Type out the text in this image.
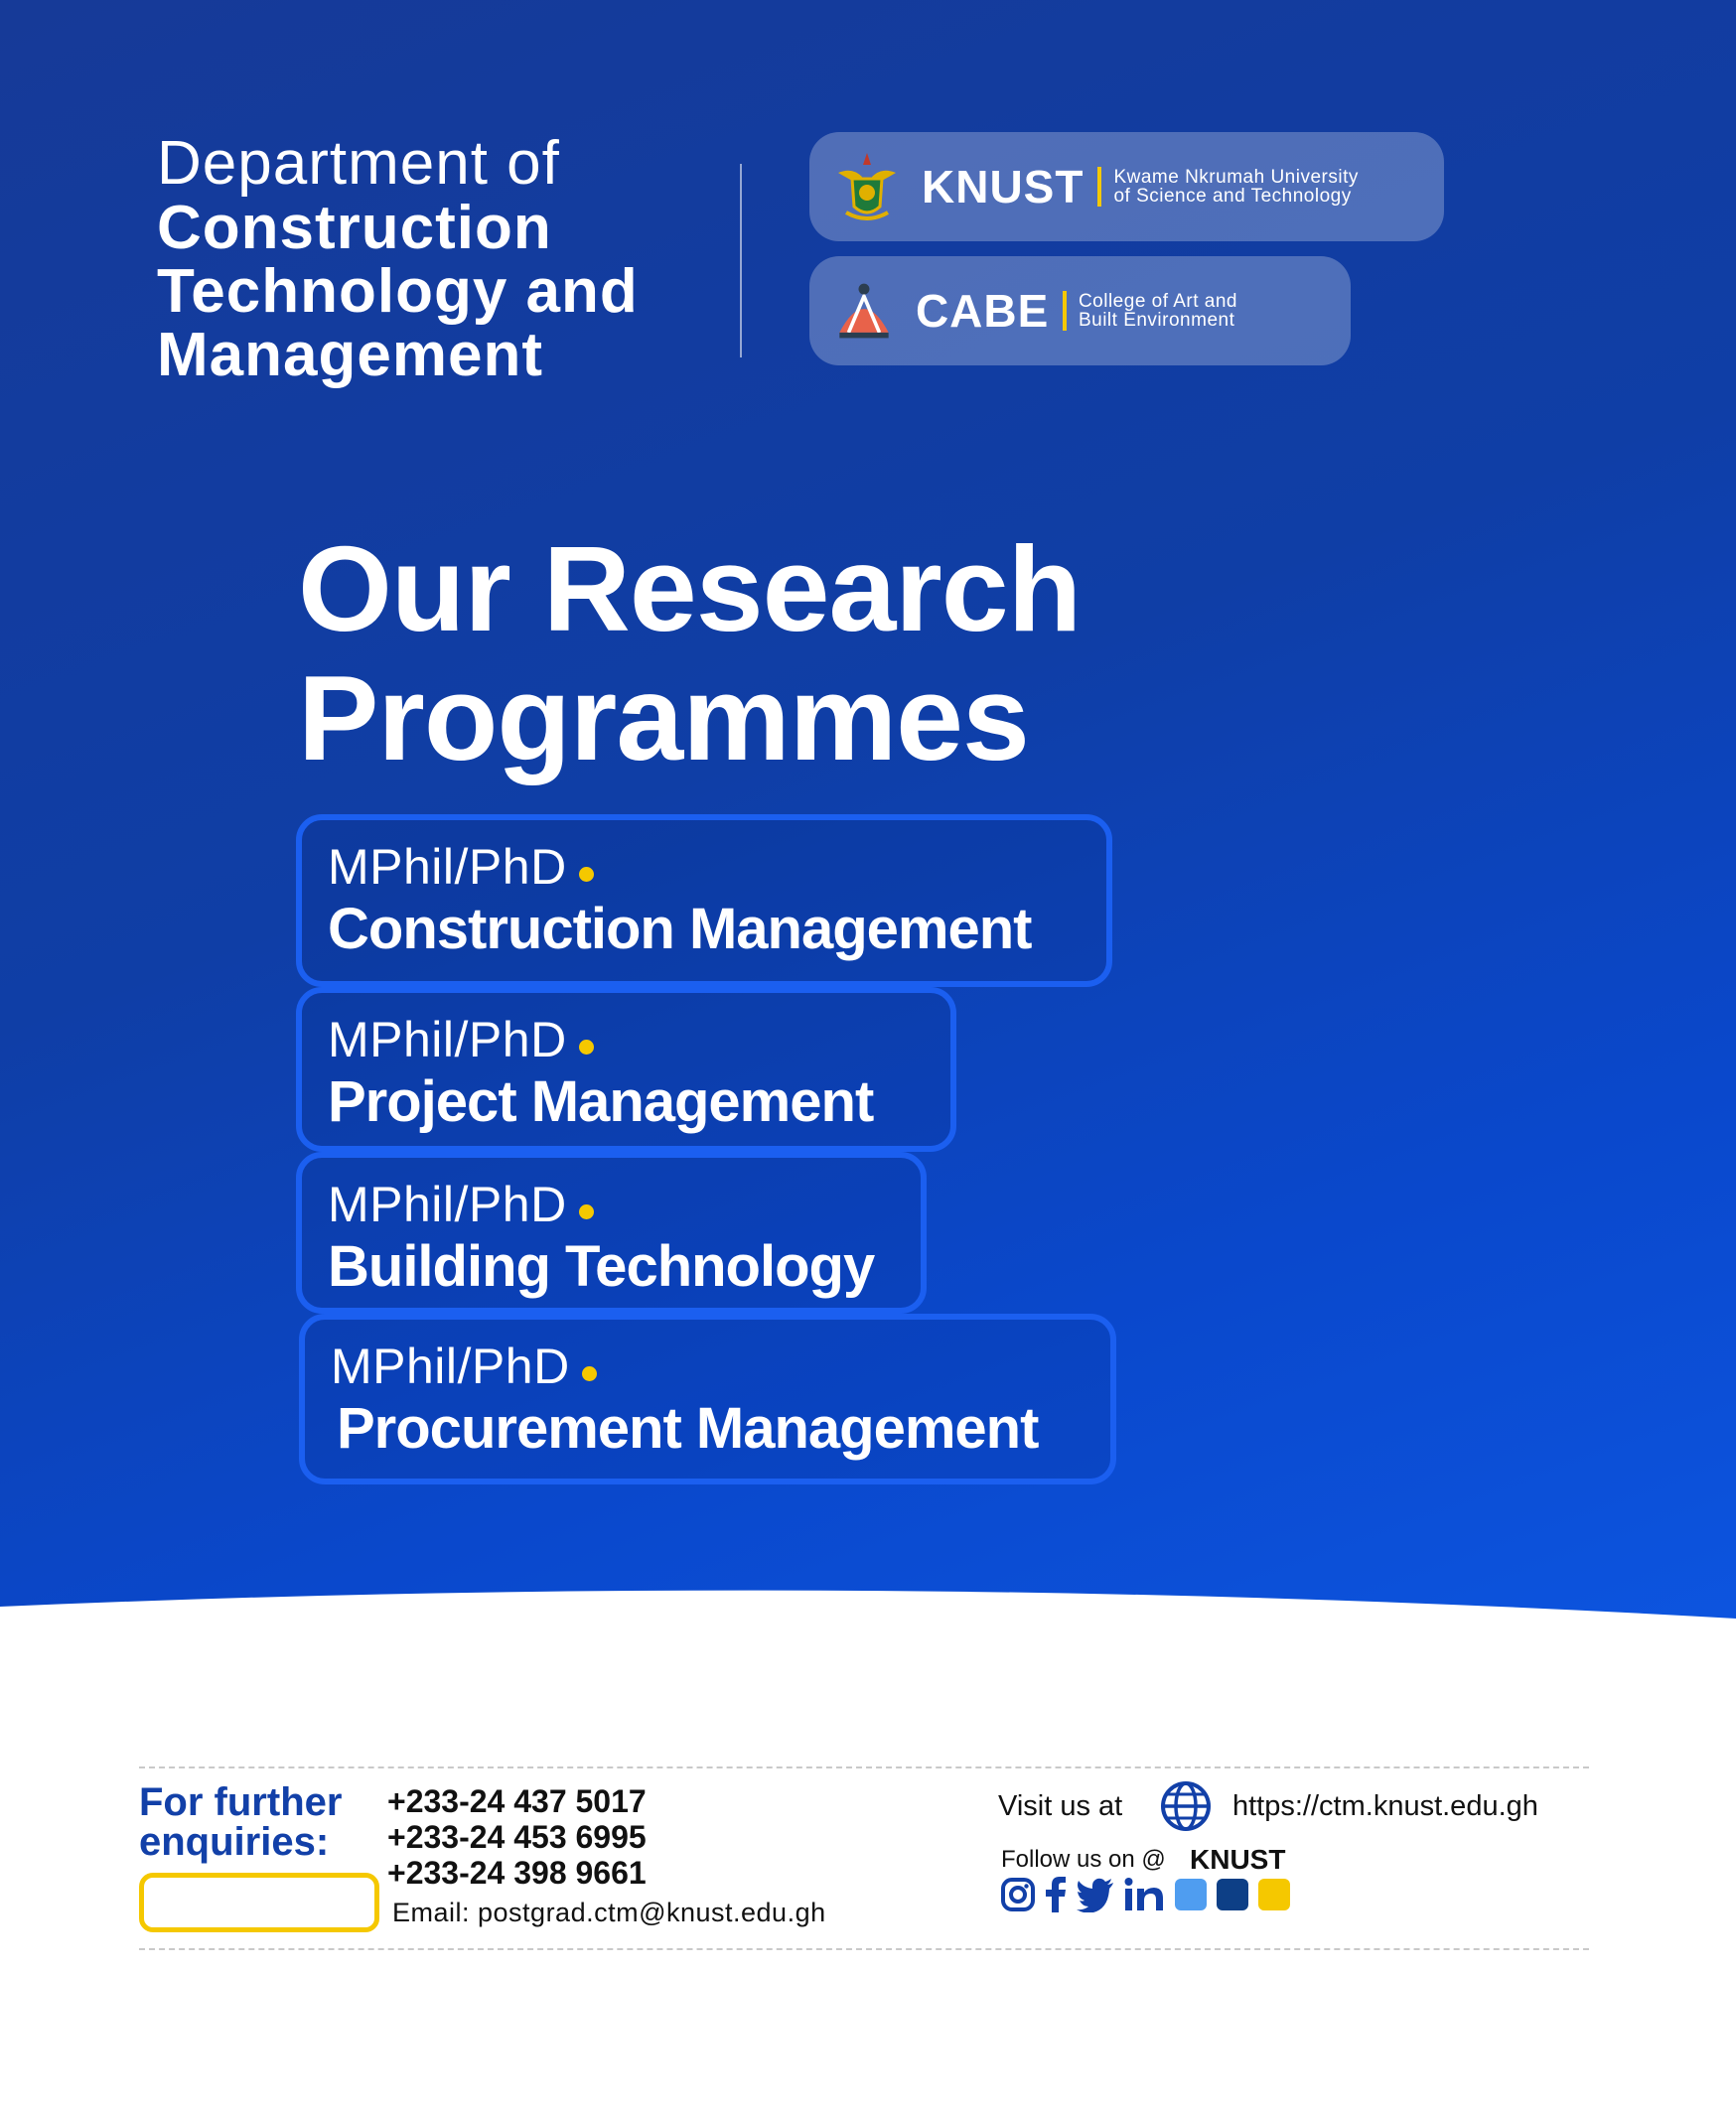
Department of
Construction
Technology and
Management
KNUST Kwame Nkrumah University
of Science and Technology
CABE College of Art and
Built Environment
Our Research
Programmes
MPhil/PhD
Construction Management
MPhil/PhD
Project Management
MPhil/PhD
Building Technology
MPhil/PhD
Procurement Management
For further
enquiries:
+233-24 437 5017
+233-24 453 6995
+233-24 398 9661
Email: postgrad.ctm@knust.edu.gh
Visit us at	https://ctm.knust.edu.gh
Follow us on @ KNUST
